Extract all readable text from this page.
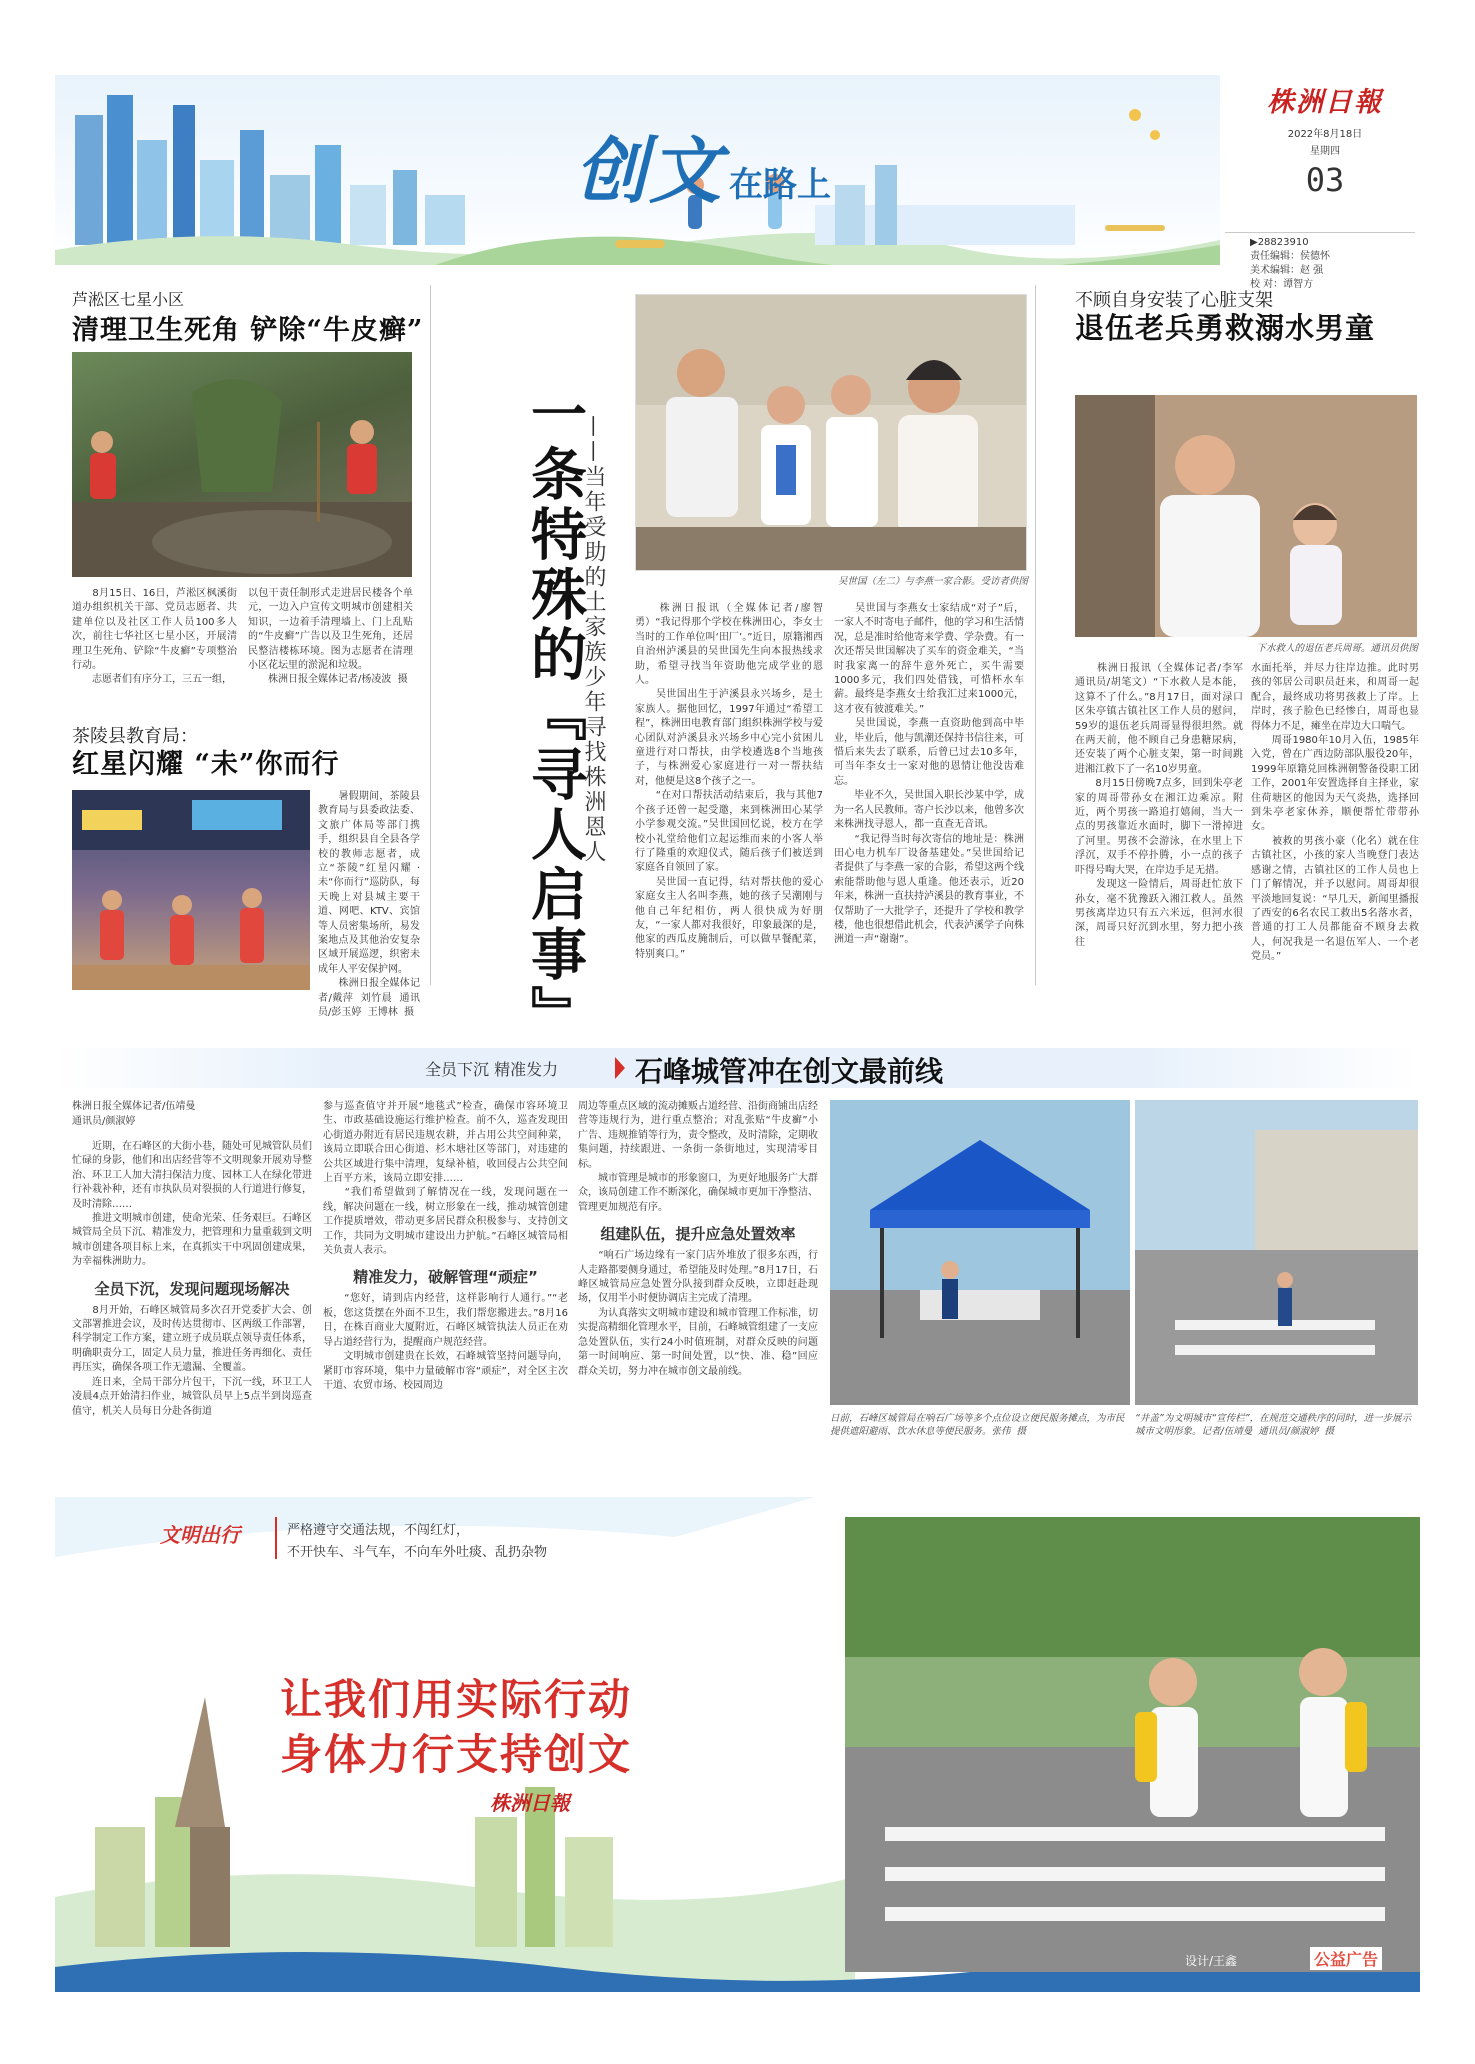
创文 在路上
株洲日報
2022年8月18日
星期四
03
▶28823910
责任编辑：侯德怀
美术编辑：赵 强
校 对：谭智方
芦淞区七星小区
清理卫生死角 铲除“牛皮癣”
　　8月15日、16日，芦淞区枫溪街道办组织机关干部、党员志愿者、共建单位以及社区工作人员100多人次，前往七华社区七星小区，开展清理卫生死角、铲除“牛皮癣”专项整治行动。
　　志愿者们有序分工，三五一组，
以包干责任制形式走进居民楼各个单元，一边入户宣传文明城市创建相关知识，一边着手清理墙上、门上乱贴的“牛皮癣”广告以及卫生死角，还居民整洁楼栋环境。图为志愿者在清理小区花坛里的淤泥和垃圾。
　　株洲日报全媒体记者/杨凌波  摄
茶陵县教育局：
红星闪耀 “未”你而行
　　暑假期间，茶陵县教育局与县委政法委、文旅广体局等部门携手，组织县自全县各学校的教师志愿者，成立“茶陵”红星闪耀 · 未“你而行”巡防队，每天晚上对县城主要干道、网吧、KTV、宾馆等人员密集场所，易发案地点及其他治安复杂区域开展巡逻，织密未成年人平安保护网。
　　株洲日报全媒体记者/戴萍  刘竹晨  通讯员/彭玉婷  王博林  摄 一条特殊的『寻人启事』
——当年受助的土家族少年寻找株洲恩人	吴世国（左二）与李燕一家合影。受访者供图
　　株洲日报讯（全媒体记者/廖智勇）“我记得那个学校在株洲田心，李女士当时的工作单位叫‘田厂’。”近日，原籍湘西自治州泸溪县的吴世国先生向本报热线求助，希望寻找当年资助他完成学业的恩人。
　　吴世国出生于泸溪县永兴场乡，是土家族人。据他回忆，1997年通过“希望工程”，株洲田电教育部门组织株洲学校与爱心团队对泸溪县永兴场乡中心完小贫困儿童进行对口帮扶，由学校遴选8个当地孩子，与株洲爱心家庭进行一对一帮扶结对，他便是这8个孩子之一。
　　“在对口帮扶活动结束后，我与其他7个孩子还曾一起受邀，来到株洲田心某学小学参观交流。”吴世国回忆说，校方在学校小礼堂给他们立起运维而来的小客人举行了隆重的欢迎仪式，随后孩子们被送到家庭各自领回了家。
　　吴世国一直记得，结对帮扶他的爱心家庭女主人名叫李燕，她的孩子吴潮刚与他自己年纪相仿，两人很快成为好朋友，“一家人都对我很好，印象最深的是，他家的西瓜皮腌制后，可以做早餐配菜，特别爽口。”
　　吴世国与李燕女士家结成“对子”后，一家人不时寄电子邮件，他的学习和生活情况，总是准时给他寄来学费、学杂费。有一次还帮吴世国解决了买车的资金难关，“当时我家离一的辞牛意外死亡，买牛需要1000多元，我们四处借钱，可惜杯水车薪。最终是李燕女士给我汇过来1000元，这才夜有彼渡难关。”
　　吴世国说，李燕一直资助他到高中毕业，毕业后，他与凯潮还保持书信往来，可惜后来失去了联系，后曾已过去10多年，可当年李女士一家对他的恩情让他没齿难忘。
　　毕业不久，吴世国入职长沙某中学，成为一名人民教师。寄户长沙以来，他曾多次来株洲找寻恩人，都一直查无音讯。
　　“我记得当时每次寄信的地址是：株洲田心电力机车厂设备基建处。”吴世国给记者提供了与李燕一家的合影，希望这两个线索能帮助他与恩人重逢。他还表示，近20年来，株洲一直扶持泸溪县的教育事业，不仅帮助了一大批学子，还提升了学校和教学楼，他也很想借此机会，代表泸溪学子向株洲道一声“谢谢”。
不顾自身安装了心脏支架
退伍老兵勇救溺水男童
下水救人的退伍老兵周哥。通讯员供图
　　株洲日报讯（全媒体记者/李军  通讯员/胡笔文）“下水救人是本能，这算不了什么。”8月17日，面对渌口区朱亭镇古镇社区工作人员的慰问，59岁的退伍老兵周哥显得很坦然。就在两天前，他不顾自己身患糖尿病，还安装了两个心脏支架，第一时间跳进湘江救下了一名10岁男童。
　　8月15日傍晚7点多，回到朱亭老家的周哥带孙女在湘江边乘凉。附近，两个男孩一路追打嬉闹，当大一点的男孩靠近水面时，脚下一滑掉进了河里。男孩不会游泳，在水里上下浮沉，双手不停扑腾，小一点的孩子吓得号啕大哭，在岸边手足无措。
　　发现这一险情后，周哥赶忙放下孙女，毫不犹豫跃入湘江救人。虽然男孩离岸边只有五六米远，但河水很深，周哥只好沉到水里，努力把小孩往
水面托举，并尽力往岸边推。此时男孩的邻居公司职员赶来，和周哥一起配合，最终成功将男孩救上了岸。上岸时，孩子脸色已经惨白，周哥也显得体力不足，瘫坐在岸边大口喘气。
　　周哥1980年10月入伍，1985年入党，曾在广西边防部队服役20年，1999年原籍兑回株洲朝警备役职工团工作，2001年安置选择自主择业，家住荷塘区的他因为天气炎热，选择回到朱亭老家休养，顺便帮忙带带孙女。
　　被救的男孩小豪（化名）就在住古镇社区，小孩的家人当晚登门表达感谢之情，古镇社区的工作人员也上门了解情况，并予以慰问。周哥却很平淡地回复说：“早几天，新闻里播报了西安的6名农民工救出5名落水者，普通的打工人员都能奋不顾身去救人，何况我是一名退伍军人、一个老党员。”
全员下沉 精准发力	石峰城管冲在创文最前线
株洲日报全媒体记者/伍靖曼
通讯员/颜淑婷
　　近期，在石峰区的大街小巷，随处可见城管队员们忙碌的身影，他们和出店经营等不文明现象开展劝导整治、环卫工人加大清扫保洁力度、园林工人在绿化带进行补栽补种，还有市执队员对裂损的人行道进行修复，及时清除……
　　推进文明城市创建，使命光荣、任务艰巨。石峰区城管局全员下沉、精准发力，把管理和力量重载到文明城市创建各项目标上来，在真抓实干中巩固创建成果，为幸福株洲助力。
全员下沉，发现问题现场解决
　　8月开始，石峰区城管局多次召开党委扩大会、创文部署推进会议，及时传达贯彻市、区两级工作部署，科学制定工作方案，建立班子成员联点领导责任体系，明确职责分工，固定人员力量，推进任务再细化、责任再压实，确保各项工作无遗漏、全覆盖。
　　连日来，全局干部分片包干，下沉一线，环卫工人凌晨4点开始清扫作业，城管队员早上5点半到岗巡查值守，机关人员每日分赴各街道
参与巡查值守并开展“地毯式”检查，确保市容环境卫生、市政基础设施运行维护检查。前不久，巡查发现田心街道办附近有居民违规农耕，并占用公共空间种菜，该局立即联合田心街道、杉木塘社区等部门，对违建的公共区域进行集中清理，复绿补植，收回侵占公共空间上百平方米，该局立即安排……
　　“我们希望做到了解情况在一线，发现问题在一线，解决问题在一线，树立形象在一线，推动城管创建工作提质增效，带动更多居民群众积极参与、支持创文工作，共同为文明城市建设出力护航。”石峰区城管局相关负责人表示。
精准发力，破解管理“顽症”
　　“您好，请到店内经营，这样影响行人通行。”“老板，您这货摆在外面不卫生，我们帮您搬进去。”8月16日，在株百商业大厦附近，石峰区城管执法人员正在劝导占道经营行为，提醒商户规范经营。
　　文明城市创建贵在长效，石峰城管坚持问题导向，紧盯市容环境，集中力量破解市容“顽症”，对全区主次干道、农贸市场、校园周边
周边等重点区域的流动摊贩占道经营、沿街商铺出店经营等违规行为，进行重点整治；对乱张贴“牛皮癣”小广告、违规推销等行为，责令整改，及时清除，定期收集问题，持续跟进、一条街一条街地过，实现清零目标。
　　城市管理是城市的形象窗口，为更好地服务广大群众，该局创建工作不断深化，确保城市更加干净整洁、管理更加规范有序。
组建队伍，提升应急处置效率
　　“响石广场边缘有一家门店外堆放了很多东西，行人走路都要侧身通过，希望能及时处理。”8月17日，石峰区城管局应急处置分队接到群众反映，立即赶赴现场，仅用半小时便协调店主完成了清理。
　　为认真落实文明城市建设和城市管理工作标准，切实提高精细化管理水平，目前，石峰城管组建了一支应急处置队伍，实行24小时值班制，对群众反映的问题第一时间响应、第一时间处置，以“快、准、稳”回应群众关切，努力冲在城市创文最前线。
日前，石峰区城管局在响石广场等多个点位设立便民服务摊点，为市民提供遮阳避雨、饮水休息等便民服务。张伟  摄
“井盖”为文明城市“宣传栏”，在规范交通秩序的同时，进一步展示城市文明形象。记者/伍靖曼  通讯员/颜淑婷  摄
文明出行	严格遵守交通法规，不闯红灯，
不开快车、斗气车，不向车外吐痰、乱扔杂物
让我们用实际行动
身体力行支持创文
株洲日報
设计/王鑫	公益广告
